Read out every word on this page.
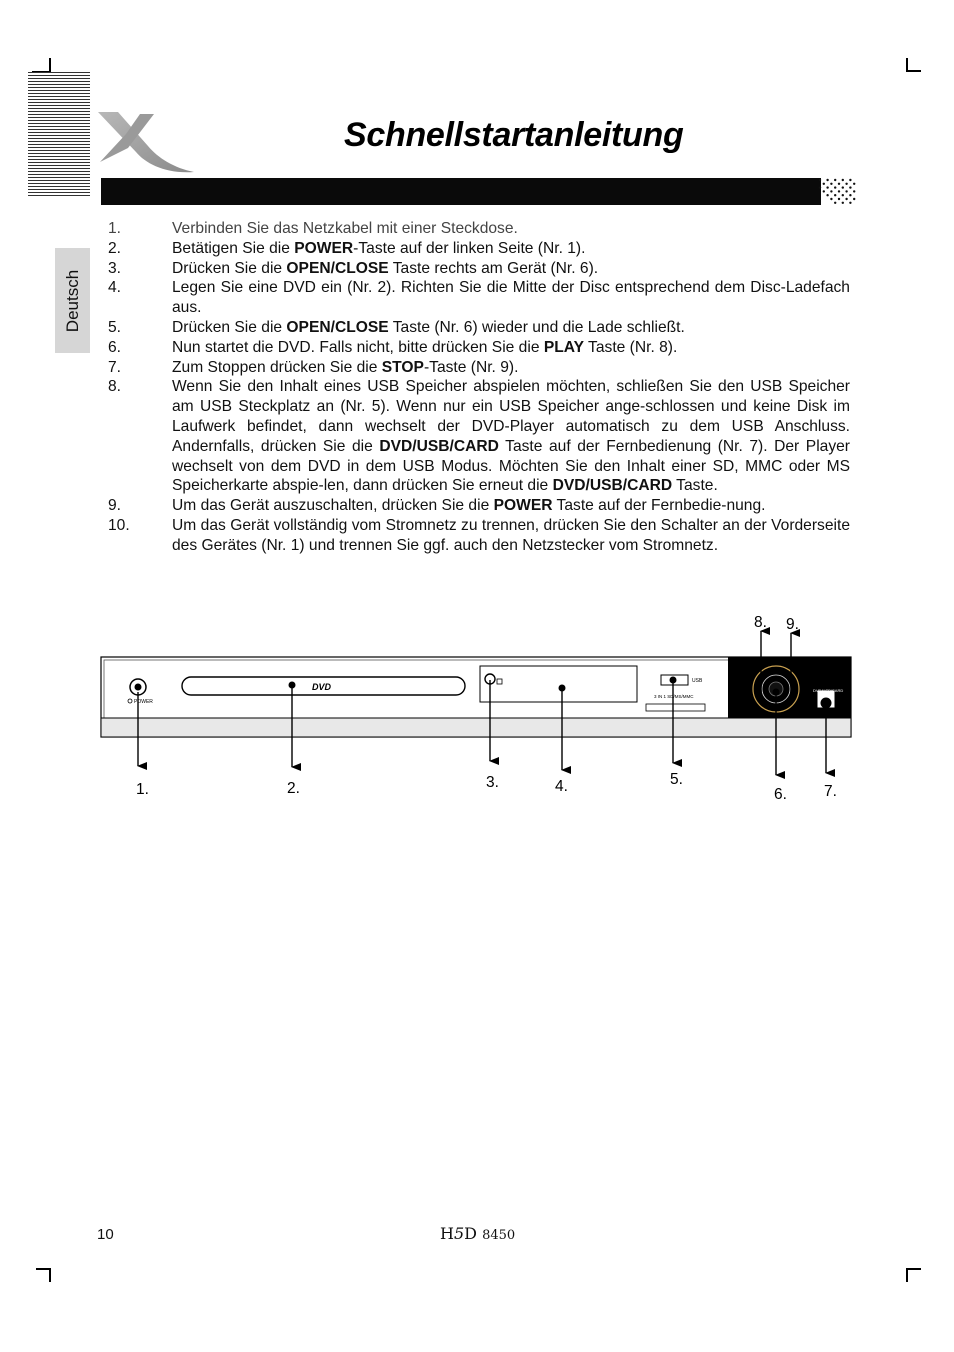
Schnellstartanleitung
Deutsch
1.	Verbinden Sie das Netzkabel mit einer Steckdose.
2.	Betätigen Sie die POWER-Taste auf der linken Seite (Nr. 1).
3.	Drücken Sie die OPEN/CLOSE Taste rechts am Gerät (Nr. 6).
4.	Legen Sie eine DVD ein (Nr. 2). Richten Sie die Mitte der Disc entsprechend dem Disc-Ladefach aus.
5.	Drücken Sie die OPEN/CLOSE Taste (Nr. 6) wieder und die Lade schließt.
6.	Nun startet die DVD. Falls nicht, bitte drücken Sie die PLAY Taste (Nr. 8).
7.	Zum Stoppen drücken Sie die STOP-Taste (Nr. 9).
8.	Wenn Sie den Inhalt eines USB Speicher abspielen möchten, schließen Sie den USB Speicher am USB Steckplatz an (Nr. 5). Wenn nur ein USB Speicher ange-schlossen und keine Disk im Laufwerk befindet, dann wechselt der DVD-Player automatisch zu dem USB Anschluss. Andernfalls, drücken Sie die DVD/USB/CARD Taste auf der Fernbedienung (Nr. 7). Der Player wechselt von dem DVD in dem USB Modus. Möchten Sie den Inhalt einer SD, MMC oder MS Speicherkarte abspie-len, dann drücken Sie erneut die DVD/USB/CARD Taste.
9.	Um das Gerät auszuschalten, drücken Sie die POWER Taste auf der Fernbedie-nung.
10.	Um das Gerät vollständig vom Stromnetz zu trennen, drücken Sie den Schalter an der Vorderseite des Gerätes (Nr. 1) und trennen Sie ggf. auch den Netzstecker vom Stromnetz.
POWER
DVD
USB
3 IN 1 SD/MS/MMC
DVD/USB/CARD
1.	2.	3.	4.	5.
6. 7.
8. 9.
10	H5D 8450
